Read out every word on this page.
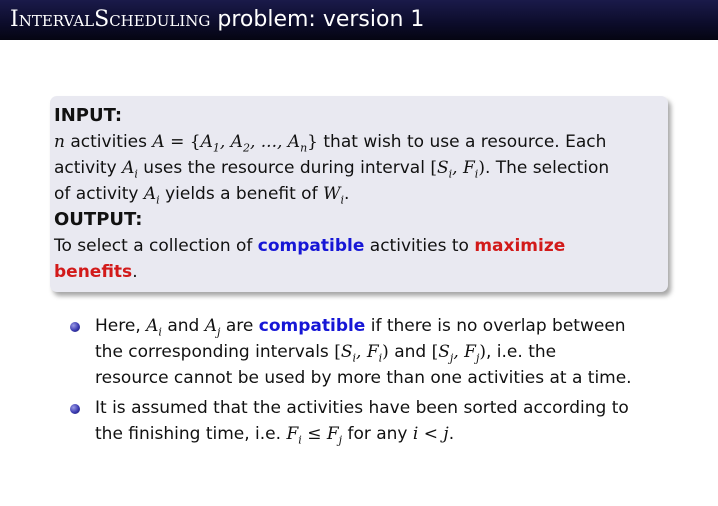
IntervalScheduling problem: version 1
INPUT:
n activities $A = \{A_1$, $A_2$, ..., $A_n$} that wish to use a resource. Each
activity $A_i$ uses the resource during interval [$S_i$, $F_i$). The selection
of activity $A_i$ yields a benefit of $W_i$.
OUTPUT:
To select a collection of compatible activities to maximize
benefits.
Here, $A_i$ and $A_j$ are compatible if there is no overlap between
the corresponding intervals [$S_i$, $F_i$) and [$S_j$, $F_j$), i.e. the
resource cannot be used by more than one activities at a time.
It is assumed that the activities have been sorted according to
the finishing time, i.e. $F_i \le F_j$ for any i < j.
